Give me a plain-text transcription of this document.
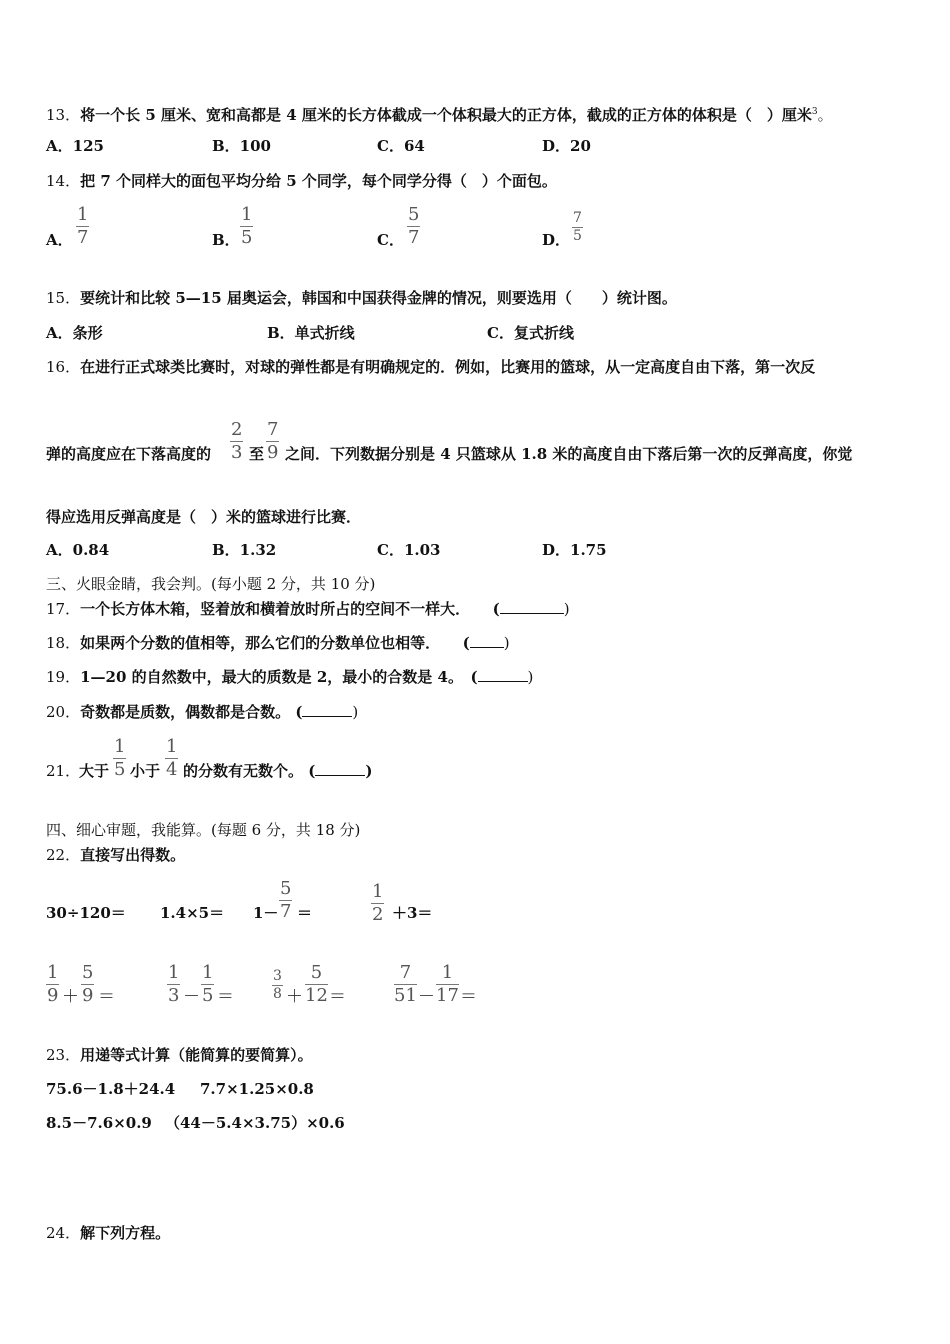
13．将一个长 5 厘米、宽和高都是 4 厘米的长方体截成一个体积最大的正方体，截成的正方体的体积是（　）厘米$^3$。
A．125	B．100	C．64	D．20
14．把 7 个同样大的面包平均分给 5 个同学，每个同学分得（　）个面包。
A． $\frac{1}{7}$	B． $\frac{1}{5}$	C． $\frac{5}{7}$	D． $\frac{7}{5}$
15．要统计和比较 5—15 届奥运会，韩国和中国获得金牌的情况，则要选用（　　）统计图。
A．条形	B．单式折线	C．复式折线
16．在进行正式球类比赛时，对球的弹性都是有明确规定的．例如，比赛用的篮球，从一定高度自由下落，第一次反
弹的高度应在下落高度的 $\frac{2}{3}$ 至 $\frac{7}{9}$ 之间．下列数据分别是 4 只篮球从 1.8 米的高度自由下落后第一次的反弹高度，你觉
得应选用反弹高度是（　）米的篮球进行比赛．
A．0.84	B．1.32	C．1.03	D．1.75
三、火眼金睛，我会判。(每小题 2 分，共 10 分)
17．一个长方体木箱，竖着放和横着放时所占的空间不一样大．　　(	)
18．如果两个分数的值相等，那么它们的分数单位也相等．　　( )
19．1—20 的自然数中，最大的质数是 2，最小的合数是 4。　(	)
20．奇数都是质数，偶数都是合数。 (	)
21．
大于 $\frac{1}{5}$ 小于 $\frac{1}{4}$ 的分数有无数个。 (	)
四、细心审题，我能算。(每题 6 分，共 18 分)
22．直接写出得数。
$30\div 120= 1.4\times 5= 1- \frac{5}{7}$ ＝	$\frac{1}{2} +3=$
$\frac{1}{9} + \frac{5}{9}$ ＝	$\frac{1}{3} - \frac{1}{5}$ ＝	$\frac{3}{8} + \frac{5}{12}$ ＝	$\frac{7}{51} - \frac{1}{17}$ ＝
23．用递等式计算（能简算的要简算）。
75.6－1.8＋24.4 7.7×1.25×0.8
8.5－7.6×0.9 （44－5.4×3.75）×0.6
24．解下列方程。
